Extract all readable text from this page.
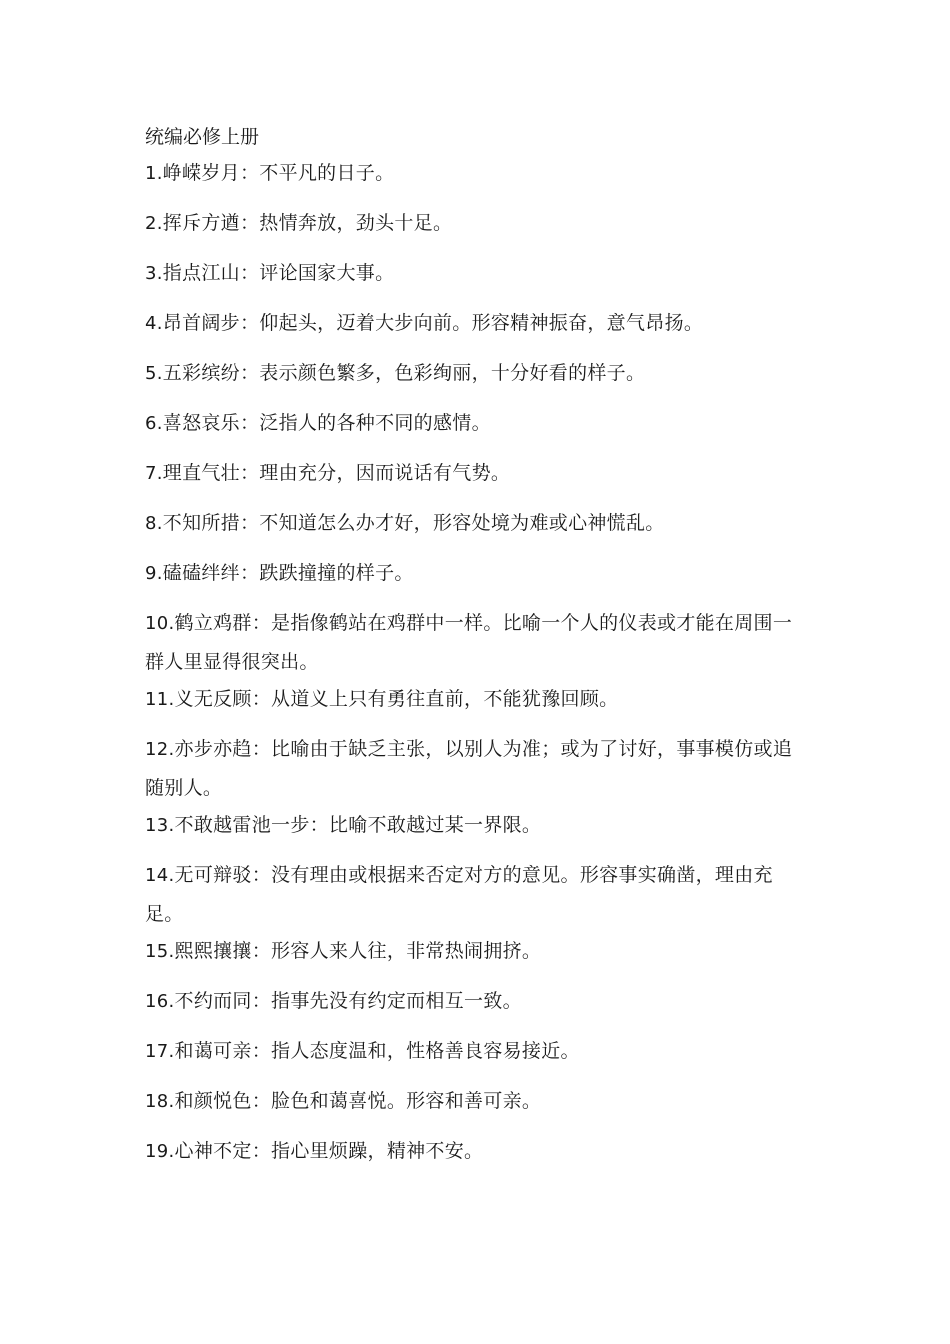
统编必修上册

1.峥嵘岁月：不平凡的日子。

2.挥斥方遒：热情奔放，劲头十足。

3.指点江山：评论国家大事。

4.昂首阔步：仰起头，迈着大步向前。形容精神振奋，意气昂扬。

5.五彩缤纷：表示颜色繁多，色彩绚丽，十分好看的样子。

6.喜怒哀乐：泛指人的各种不同的感情。

7.理直气壮：理由充分，因而说话有气势。

8.不知所措：不知道怎么办才好，形容处境为难或心神慌乱。

9.磕磕绊绊：跌跌撞撞的样子。

10.鹤立鸡群：是指像鹤站在鸡群中一样。比喻一个人的仪表或才能在周围一群人里显得很突出。

11.义无反顾：从道义上只有勇往直前，不能犹豫回顾。

12.亦步亦趋：比喻由于缺乏主张，以别人为准；或为了讨好，事事模仿或追随别人。

13.不敢越雷池一步：比喻不敢越过某一界限。

14.无可辩驳：没有理由或根据来否定对方的意见。形容事实确凿，理由充足。

15.熙熙攘攘：形容人来人往，非常热闹拥挤。

16.不约而同：指事先没有约定而相互一致。

17.和蔼可亲：指人态度温和，性格善良容易接近。

18.和颜悦色：脸色和蔼喜悦。形容和善可亲。

19.心神不定：指心里烦躁，精神不安。
